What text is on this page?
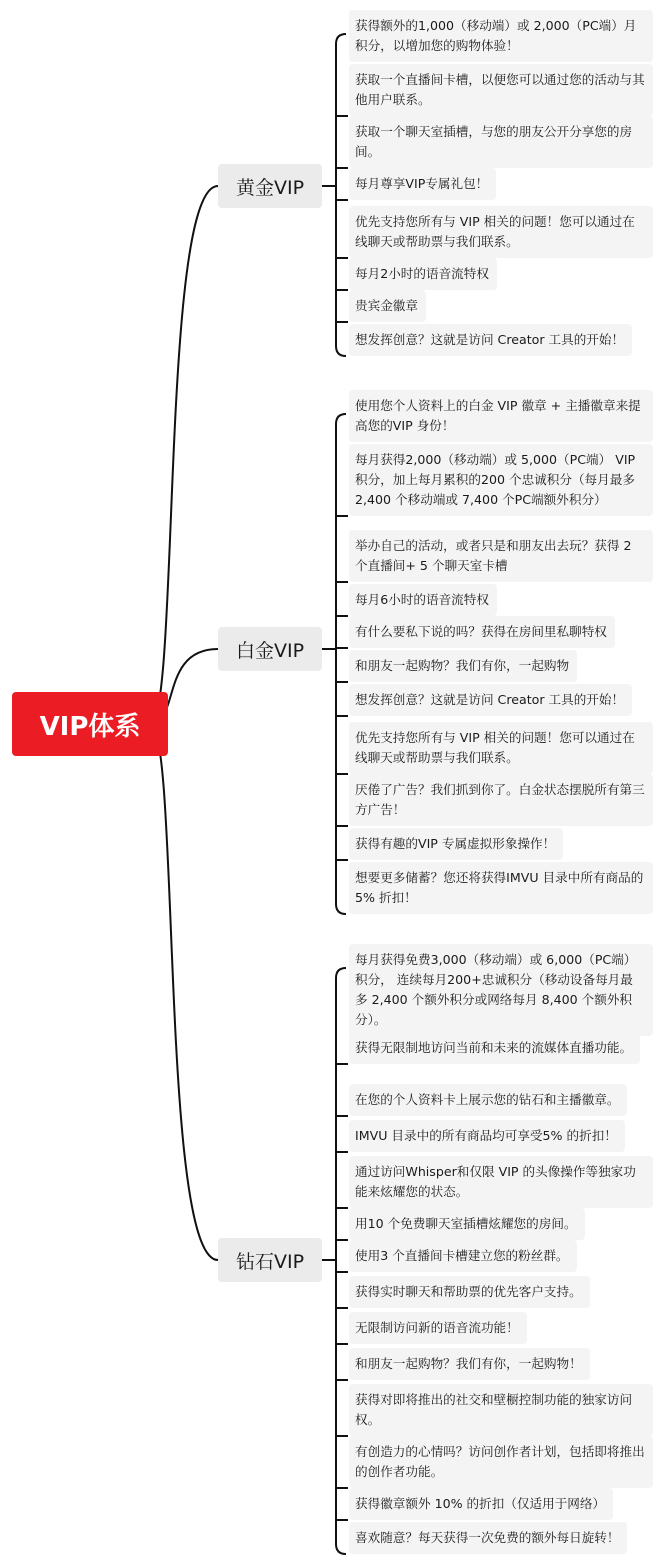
VIP体系
黄金VIP
获得额外的1,000（移动端）或 2,000（PC端）月积分，以增加您的购物体验！
获取一个直播间卡槽，以便您可以通过您的活动与其他用户联系。
获取一个聊天室插槽，与您的朋友公开分享您的房间。
每月尊享VIP专属礼包！
优先支持您所有与 VIP 相关的问题！您可以通过在线聊天或帮助票与我们联系。
每月2小时的语音流特权
贵宾金徽章
想发挥创意？这就是访问 Creator 工具的开始！
白金VIP
使用您个人资料上的白金 VIP 徽章 + 主播徽章来提高您的VIP 身份！
每月获得2,000（移动端）或 5,000（PC端） VIP 积分，加上每月累积的200 个忠诚积分（每月最多 2,400 个移动端或 7,400 个PC端额外积分）
举办自己的活动，或者只是和朋友出去玩？获得 2 个直播间+ 5 个聊天室卡槽
每月6小时的语音流特权
有什么要私下说的吗？获得在房间里私聊特权
和朋友一起购物？我们有你，一起购物
想发挥创意？这就是访问 Creator 工具的开始！
优先支持您所有与 VIP 相关的问题！您可以通过在线聊天或帮助票与我们联系。
厌倦了广告？我们抓到你了。白金状态摆脱所有第三方广告！
获得有趣的VIP 专属虚拟形象操作！
想要更多储蓄？您还将获得IMVU 目录中所有商品的 5% 折扣！
钻石VIP
每月获得免费3,000（移动端）或 6,000（PC端）积分， 连续每月200+忠诚积分（移动设备每月最多 2,400 个额外积分或网络每月 8,400 个额外积分）。
获得无限制地访问当前和未来的流媒体直播功能。
在您的个人资料卡上展示您的钻石和主播徽章。
IMVU 目录中的所有商品均可享受5% 的折扣！
通过访问Whisper和仅限 VIP 的头像操作等独家功能来炫耀您的状态。
用10 个免费聊天室插槽炫耀您的房间。
使用3 个直播间卡槽建立您的粉丝群。
获得实时聊天和帮助票的优先客户支持。
无限制访问新的语音流功能！
和朋友一起购物？我们有你，一起购物！
获得对即将推出的社交和壁橱控制功能的独家访问权。
有创造力的心情吗？访问创作者计划，包括即将推出的创作者功能。
获得徽章额外 10% 的折扣（仅适用于网络）
喜欢随意？每天获得一次免费的额外每日旋转！
